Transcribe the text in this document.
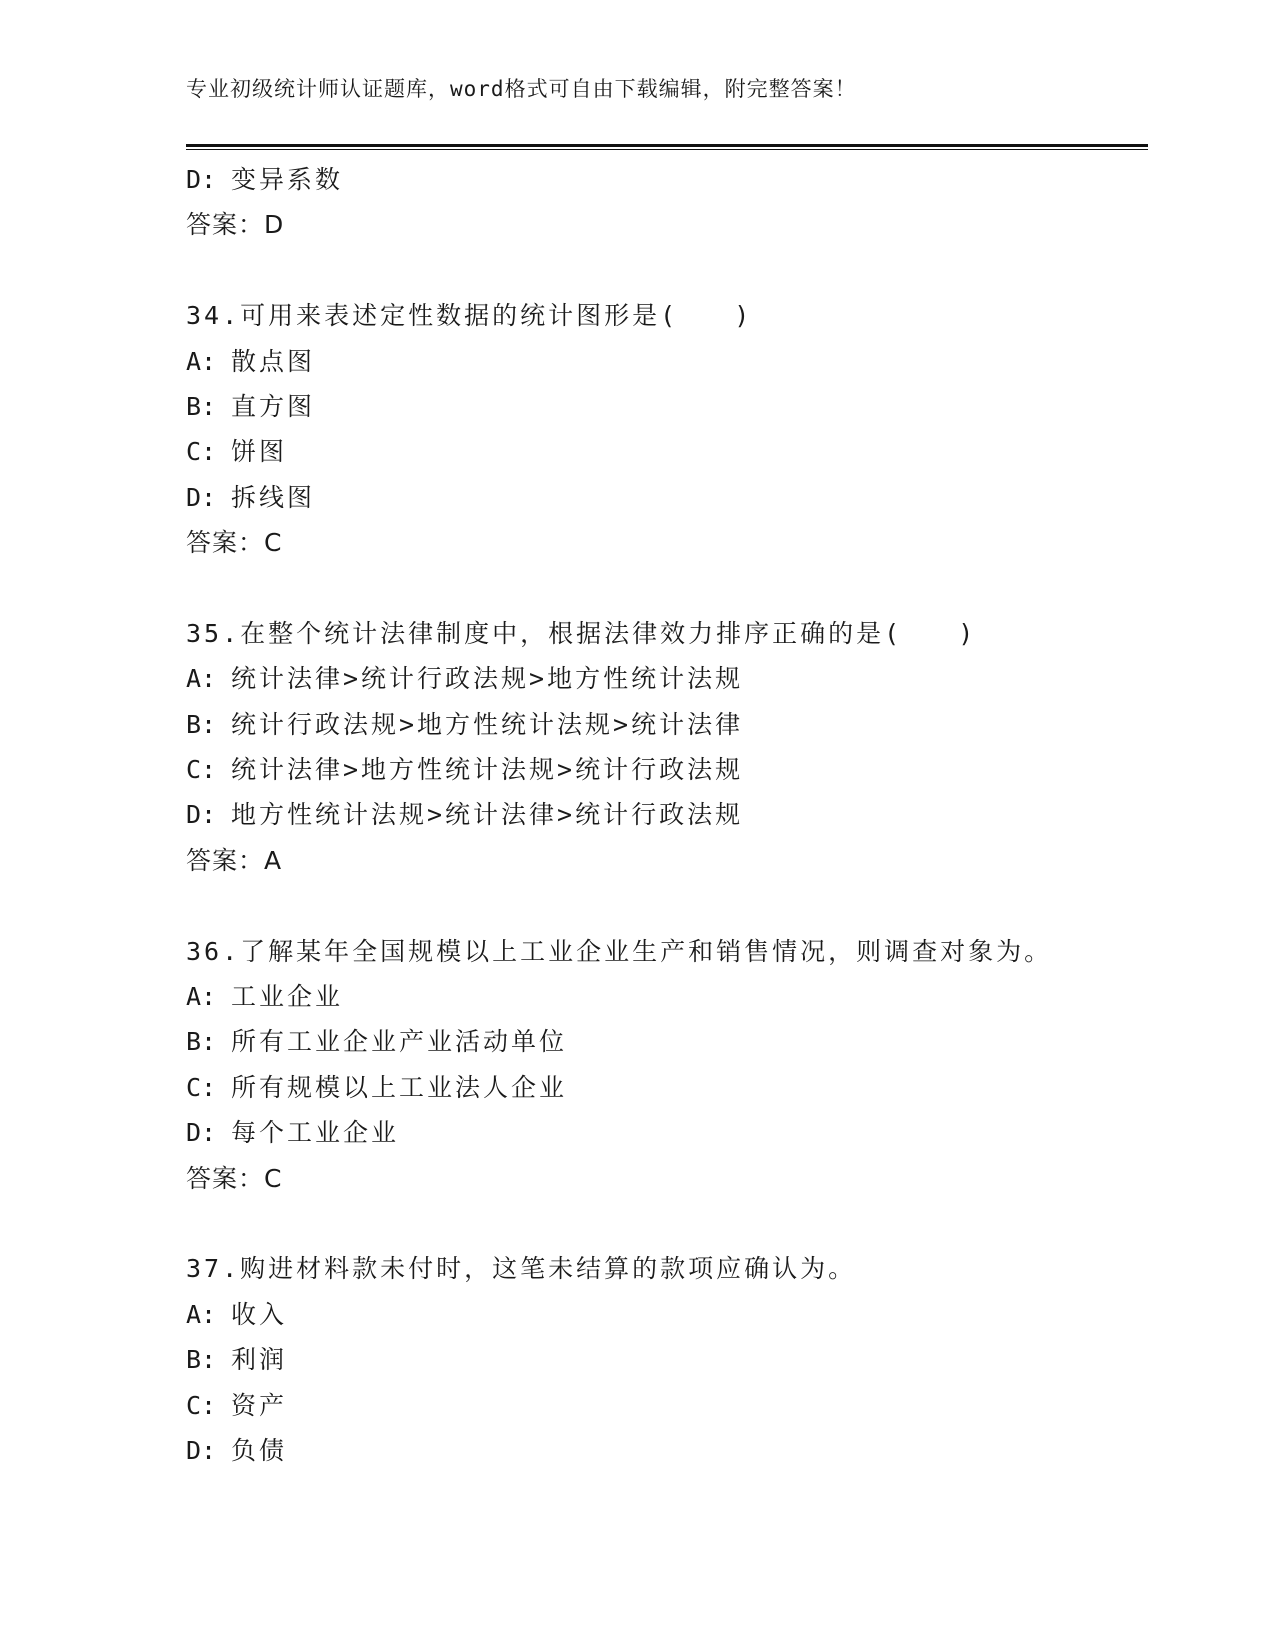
专业初级统计师认证题库，word格式可自由下载编辑，附完整答案！
D: 变异系数
答案：D
34.可用来表述定性数据的统计图形是(　　)
A: 散点图
B: 直方图
C: 饼图
D: 拆线图
答案：C
35.在整个统计法律制度中，根据法律效力排序正确的是(　　)
A: 统计法律>统计行政法规>地方性统计法规
B: 统计行政法规>地方性统计法规>统计法律
C: 统计法律>地方性统计法规>统计行政法规
D: 地方性统计法规>统计法律>统计行政法规
答案：A
36.了解某年全国规模以上工业企业生产和销售情况，则调查对象为。
A: 工业企业
B: 所有工业企业产业活动单位
C: 所有规模以上工业法人企业
D: 每个工业企业
答案：C
37.购进材料款未付时，这笔未结算的款项应确认为。
A: 收入
B: 利润
C: 资产
D: 负债
